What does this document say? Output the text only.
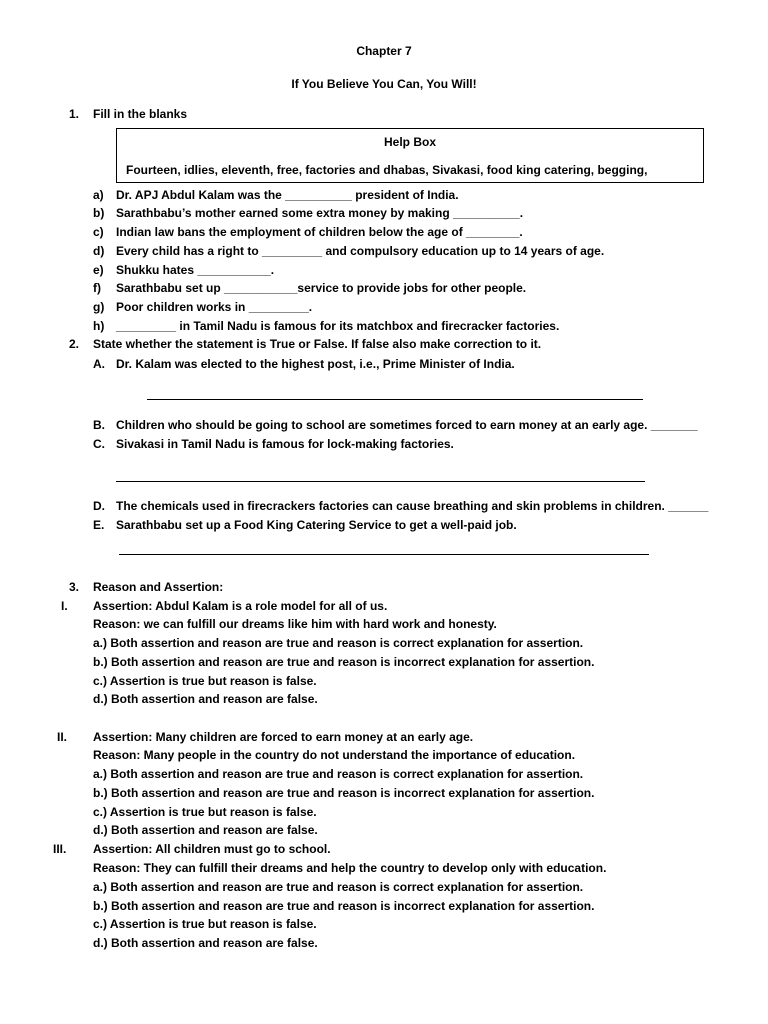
Chapter 7
If You Believe You Can, You Will!
1. Fill in the blanks
Help Box
Fourteen, idlies, eleventh, free, factories and dhabas, Sivakasi, food king catering, begging,
a) Dr. APJ Abdul Kalam was the __________ president of India.
b) Sarathbabu’s mother earned some extra money by making __________.
c) Indian law bans the employment of children below the age of ________.
d) Every child has a right to _________ and compulsory education up to 14 years of age.
e) Shukku hates ___________.
f) Sarathbabu set up ___________service to provide jobs for other people.
g) Poor children works in _________.
h) _________ in Tamil Nadu is famous for its matchbox and firecracker factories.
2. State whether the statement is True or False. If false also make correction to it.
A. Dr. Kalam was elected to the highest post, i.e., Prime Minister of India.
B. Children who should be going to school are sometimes forced to earn money at an early age. _______
C. Sivakasi in Tamil Nadu is famous for lock-making factories.
D. The chemicals used in firecrackers factories can cause breathing and skin problems in children. ______
E. Sarathbabu set up a Food King Catering Service to get a well-paid job.
3. Reason and Assertion:
I. Assertion: Abdul Kalam is a role model for all of us.
Reason: we can fulfill our dreams like him with hard work and honesty.
a.) Both assertion and reason are true and reason is correct explanation for assertion.
b.) Both assertion and reason are true and reason is incorrect explanation for assertion.
c.) Assertion is true but reason is false.
d.) Both assertion and reason are false.
II. Assertion: Many children are forced to earn money at an early age.
Reason: Many people in the country do not understand the importance of education.
a.) Both assertion and reason are true and reason is correct explanation for assertion.
b.) Both assertion and reason are true and reason is incorrect explanation for assertion.
c.) Assertion is true but reason is false.
d.) Both assertion and reason are false.
III. Assertion: All children must go to school.
Reason: They can fulfill their dreams and help the country to develop only with education.
a.) Both assertion and reason are true and reason is correct explanation for assertion.
b.) Both assertion and reason are true and reason is incorrect explanation for assertion.
c.) Assertion is true but reason is false.
d.) Both assertion and reason are false.
